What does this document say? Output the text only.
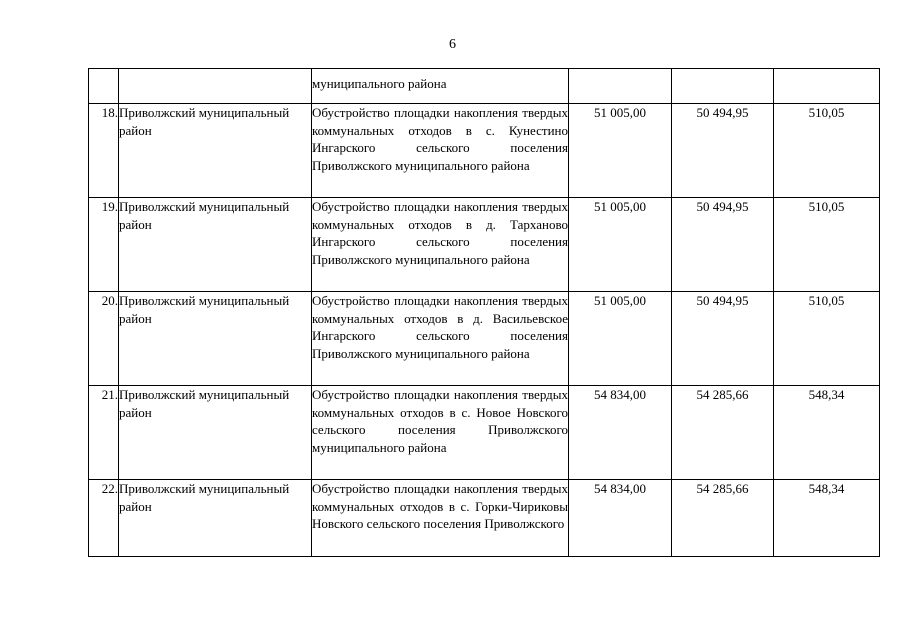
6
		муниципального района			
18.	Приволжский муниципальный район	Обустройство площадки накопления твердых коммунальных отходов в с. Кунестино Ингарского сельского поселения Приволжского муниципального района	51 005,00	50 494,95	510,05
19.	Приволжский муниципальный район	Обустройство площадки накопления твердых коммунальных отходов в д. Тарханово Ингарского сельского поселения Приволжского муниципального района	51 005,00	50 494,95	510,05
20.	Приволжский муниципальный район	Обустройство площадки накопления твердых коммунальных отходов в д. Васильевское Ингарского сельского поселения Приволжского муниципального района	51 005,00	50 494,95	510,05
21.	Приволжский муниципальный район	Обустройство площадки накопления твердых коммунальных отходов в с. Новое Новского сельского поселения Приволжского муниципального района	54 834,00	54 285,66	548,34
22.	Приволжский муниципальный район	Обустройство площадки накопления твердых коммунальных отходов в с. Горки-Чириковы Новского сельского поселения Приволжского	54 834,00	54 285,66	548,34
